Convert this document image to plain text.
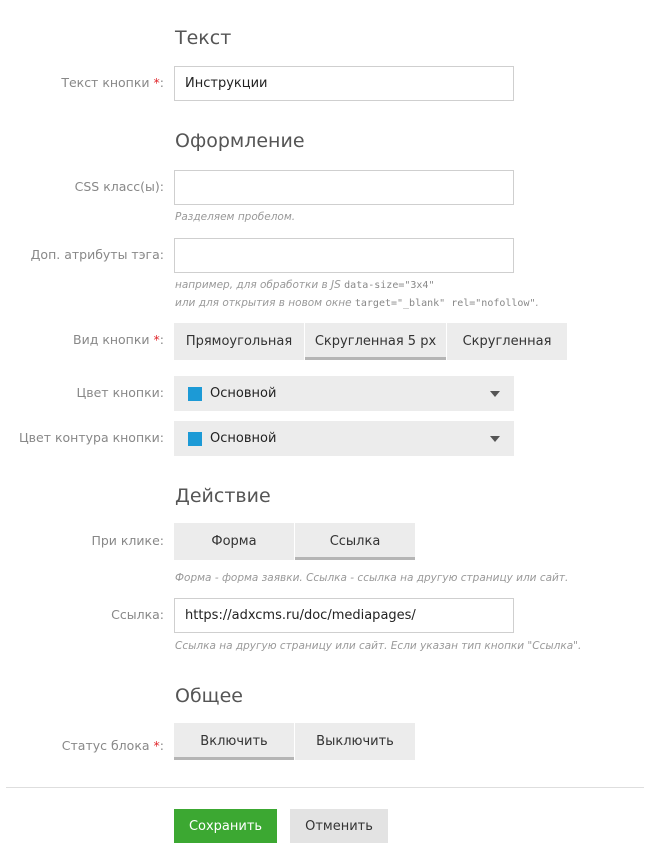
Текст
Текст кнопки *:
Инструкции
Оформление
CSS класс(ы):
Разделяем пробелом.
Доп. атрибуты тэга:
например, для обработки в JS data-size="3x4"
или для открытия в новом окне target="_blank" rel="nofollow".
Вид кнопки *:	Прямоугольная	Скругленная 5 px	Скругленная
Цвет кнопки:	Основной
Цвет контура кнопки:	Основной
Действие
При клике:	Форма	Ссылка
Форма - форма заявки. Ссылка - ссылка на другую страницу или сайт.
Ссылка:
https://adxcms.ru/doc/mediapages/
Ссылка на другую страницу или сайт. Если указан тип кнопки "Ссылка".
Общее
Статус блока *:	Включить	Выключить
Сохранить	Отменить
